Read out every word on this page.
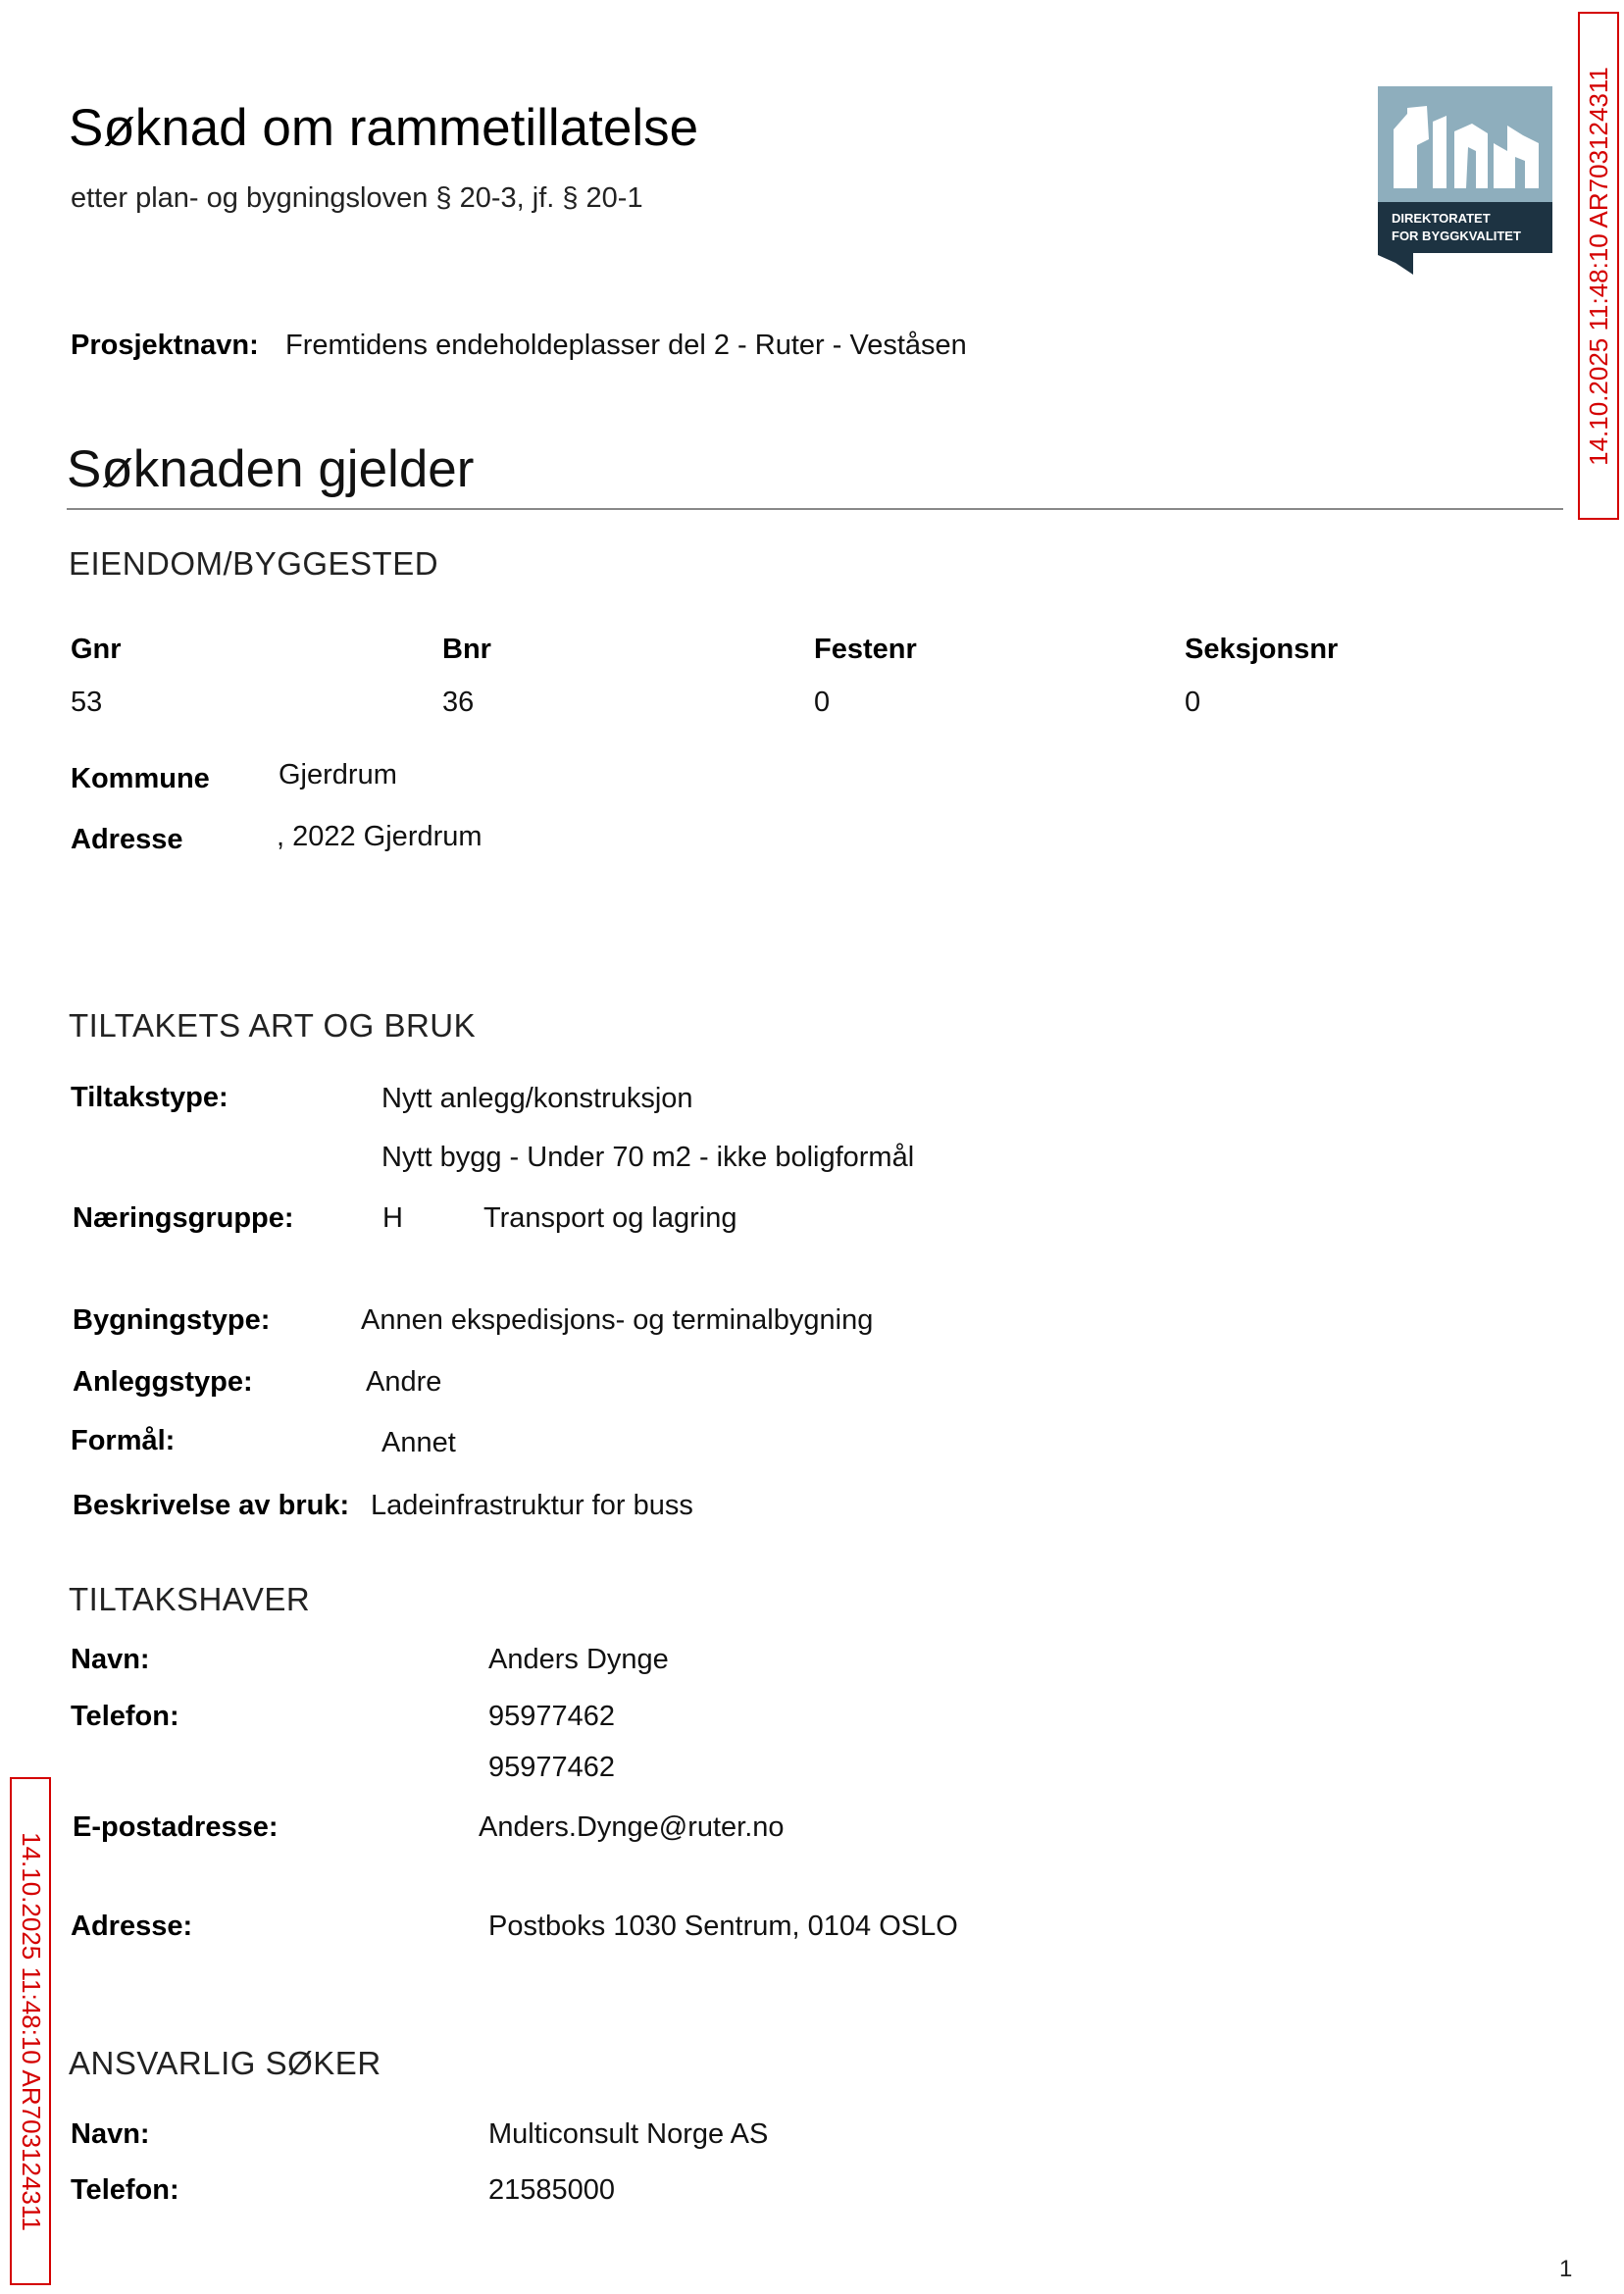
Søknad om rammetillatelse
etter plan- og bygningsloven § 20-3, jf. § 20-1
DIREKTORATET
FOR BYGGKVALITET 14.10.2025 11:48:10 AR703124311
14.10.2025 11:48:10 AR703124311
Prosjektnavn: Fremtidens endeholdeplasser del 2 - Ruter - Veståsen
Søknaden gjelder
EIENDOM/BYGGESTED
Gnr	Bnr	Festenr	Seksjonsnr
53	36	0	0
Kommune Gjerdrum
Adresse	, 2022 Gjerdrum
TILTAKETS ART OG BRUK
Tiltakstype:	Nytt anlegg/konstruksjon
Nytt bygg - Under 70 m2 - ikke boligformål
Næringsgruppe:	H	Transport og lagring
Bygningstype:	Annen ekspedisjons- og terminalbygning
Anleggstype:	Andre
Formål:	Annet
Beskrivelse av bruk: Ladeinfrastruktur for buss
TILTAKSHAVER
Navn:	Anders Dynge
Telefon:	95977462
95977462
E-postadresse:	Anders.Dynge@ruter.no
Adresse:	Postboks 1030 Sentrum, 0104 OSLO
ANSVARLIG SØKER
Navn:	Multiconsult Norge AS
Telefon:	21585000
1
